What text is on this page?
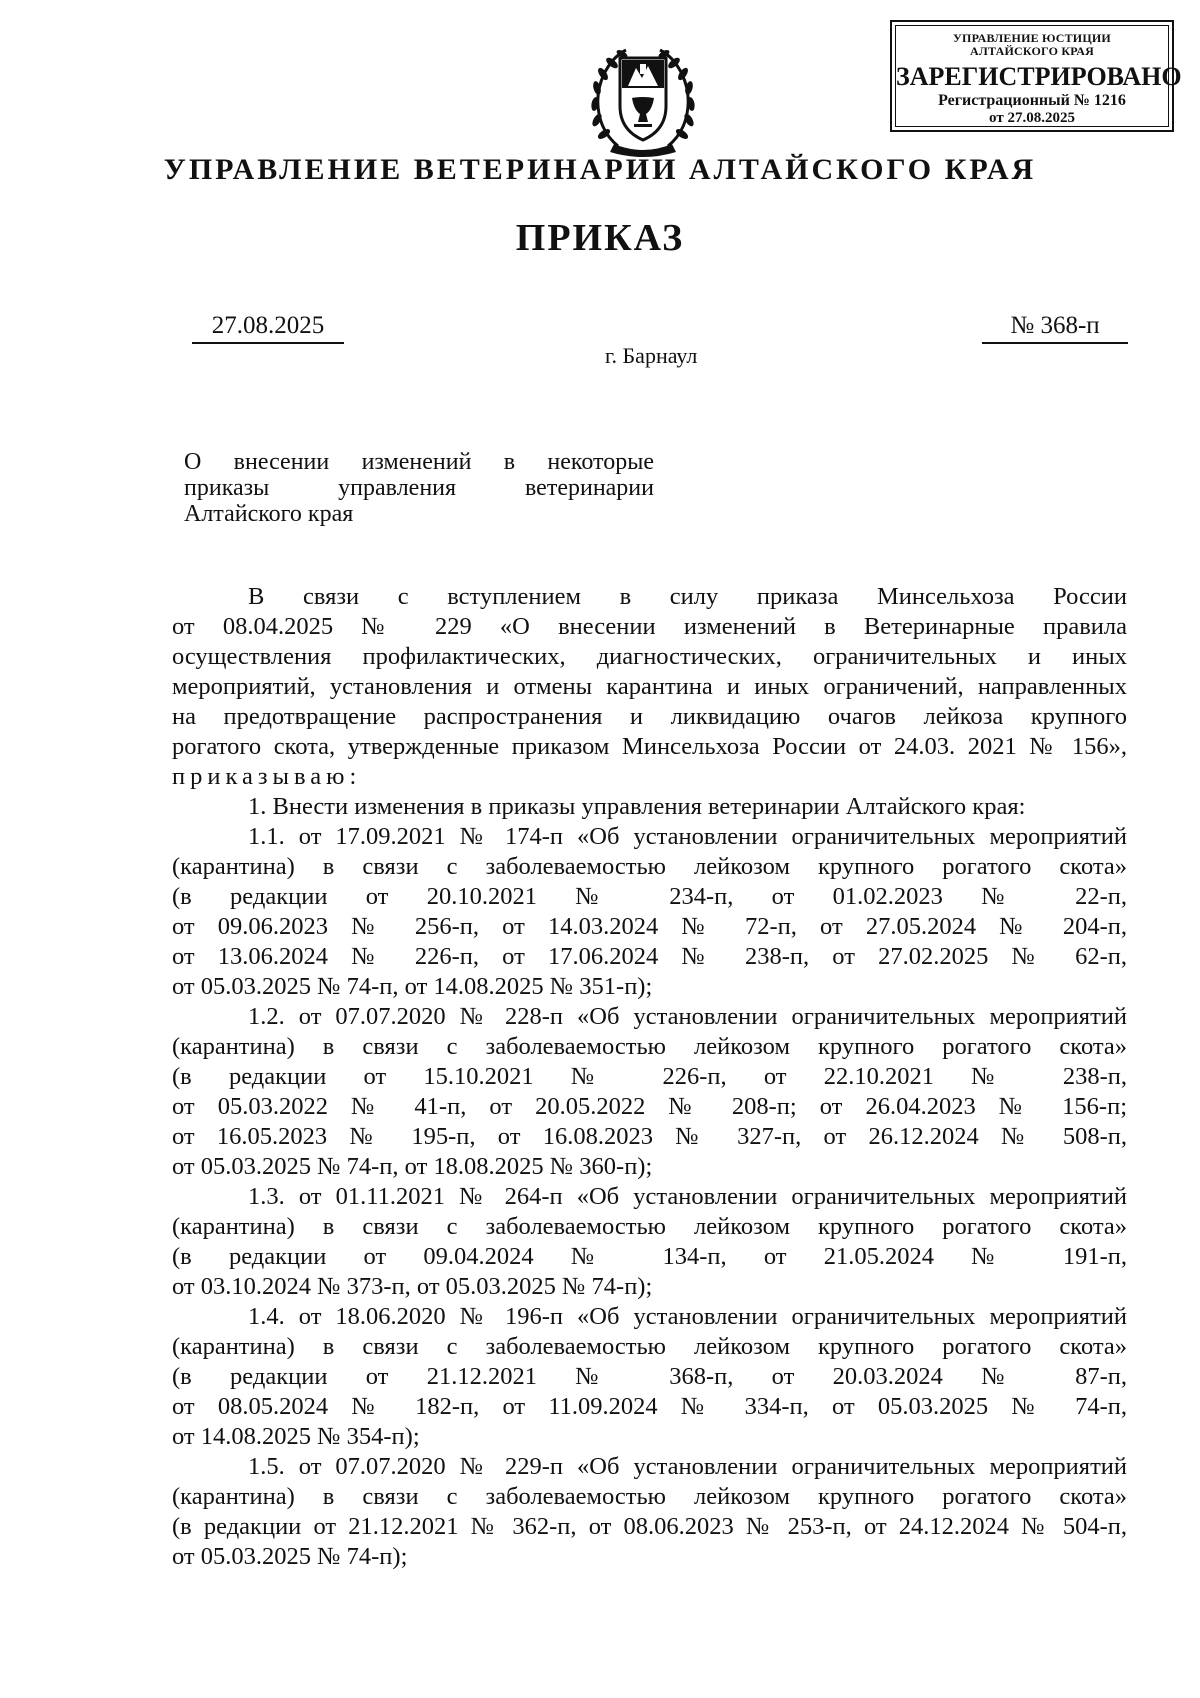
УПРАВЛЕНИЕ ЮСТИЦИИ
АЛТАЙСКОГО КРАЯ
ЗАРЕГИСТРИРОВАНО
Регистрационный № 1216
от 27.08.2025
УПРАВЛЕНИЕ ВЕТЕРИНАРИИ АЛТАЙСКОГО КРАЯ
ПРИКАЗ
27.08.2025	№ 368-п
г. Барнаул
О внесении изменений в некоторые
приказы управления ветеринарии
Алтайского края
В связи с вступлением в силу приказа Минсельхоза России
от 08.04.2025 № 229 «О внесении изменений в Ветеринарные правила
осуществления профилактических, диагностических, ограничительных и иных
мероприятий, установления и отмены карантина и иных ограничений, направленных
на предотвращение распространения и ликвидацию очагов лейкоза крупного
рогатого скота, утвержденные приказом Минсельхоза России от 24.03. 2021 № 156»,
приказываю:
1. Внести изменения в приказы управления ветеринарии Алтайского края:
1.1. от 17.09.2021 № 174-п «Об установлении ограничительных мероприятий
(карантина) в связи с заболеваемостью лейкозом крупного рогатого скота»
(в редакции от 20.10.2021 № 234-п, от 01.02.2023 № 22-п,
от 09.06.2023 № 256-п, от 14.03.2024 № 72-п, от 27.05.2024 № 204-п,
от 13.06.2024 № 226-п, от 17.06.2024 № 238-п, от 27.02.2025 № 62-п,
от 05.03.2025 № 74-п, от 14.08.2025 № 351-п);
1.2. от 07.07.2020 № 228-п «Об установлении ограничительных мероприятий
(карантина) в связи с заболеваемостью лейкозом крупного рогатого скота»
(в редакции от 15.10.2021 № 226-п, от 22.10.2021 № 238-п,
от 05.03.2022 № 41-п, от 20.05.2022 № 208-п; от 26.04.2023 № 156-п;
от 16.05.2023 № 195-п, от 16.08.2023 № 327-п, от 26.12.2024 № 508-п,
от 05.03.2025 № 74-п, от 18.08.2025 № 360-п);
1.3. от 01.11.2021 № 264-п «Об установлении ограничительных мероприятий
(карантина) в связи с заболеваемостью лейкозом крупного рогатого скота»
(в редакции от 09.04.2024 № 134-п, от 21.05.2024 № 191-п,
от 03.10.2024 № 373-п, от 05.03.2025 № 74-п);
1.4. от 18.06.2020 № 196-п «Об установлении ограничительных мероприятий
(карантина) в связи с заболеваемостью лейкозом крупного рогатого скота»
(в редакции от 21.12.2021 № 368-п, от 20.03.2024 № 87-п,
от 08.05.2024 № 182-п, от 11.09.2024 № 334-п, от 05.03.2025 № 74-п,
от 14.08.2025 № 354-п);
1.5. от 07.07.2020 № 229-п «Об установлении ограничительных мероприятий
(карантина) в связи с заболеваемостью лейкозом крупного рогатого скота»
(в редакции от 21.12.2021 № 362-п, от 08.06.2023 № 253-п, от 24.12.2024 № 504-п,
от 05.03.2025 № 74-п);
